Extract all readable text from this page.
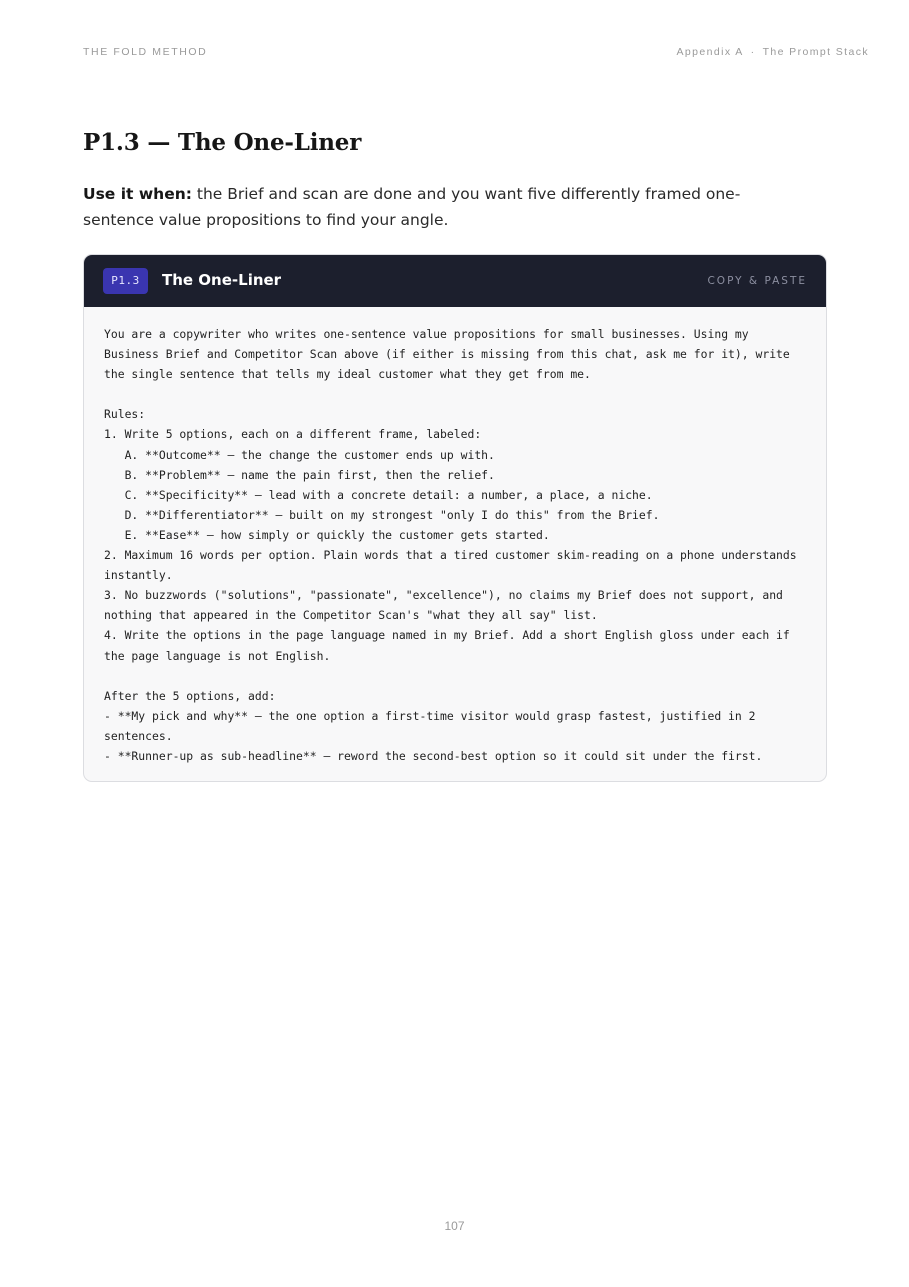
THE FOLD METHOD	Appendix A · The Prompt Stack
P1.3 — The One-Liner

Use it when: the Brief and scan are done and you want five differently framed one-sentence value propositions to find your angle.

P1.3	The One-Liner	COPY & PASTE
You are a copywriter who writes one-sentence value propositions for small businesses. Using my
Business Brief and Competitor Scan above (if either is missing from this chat, ask me for it), write
the single sentence that tells my ideal customer what they get from me.
Rules:
1. Write 5 options, each on a different frame, labeled:
A. **Outcome** — the change the customer ends up with.
B. **Problem** — name the pain first, then the relief.
C. **Specificity** — lead with a concrete detail: a number, a place, a niche.
D. **Differentiator** — built on my strongest "only I do this" from the Brief.
E. **Ease** — how simply or quickly the customer gets started.
2. Maximum 16 words per option. Plain words that a tired customer skim-reading on a phone understands
instantly.
3. No buzzwords ("solutions", "passionate", "excellence"), no claims my Brief does not support, and
nothing that appeared in the Competitor Scan's "what they all say" list.
4. Write the options in the page language named in my Brief. Add a short English gloss under each if
the page language is not English.
After the 5 options, add:
- **My pick and why** — the one option a first-time visitor would grasp fastest, justified in 2
sentences.
- **Runner-up as sub-headline** — reword the second-best option so it could sit under the first.
107
